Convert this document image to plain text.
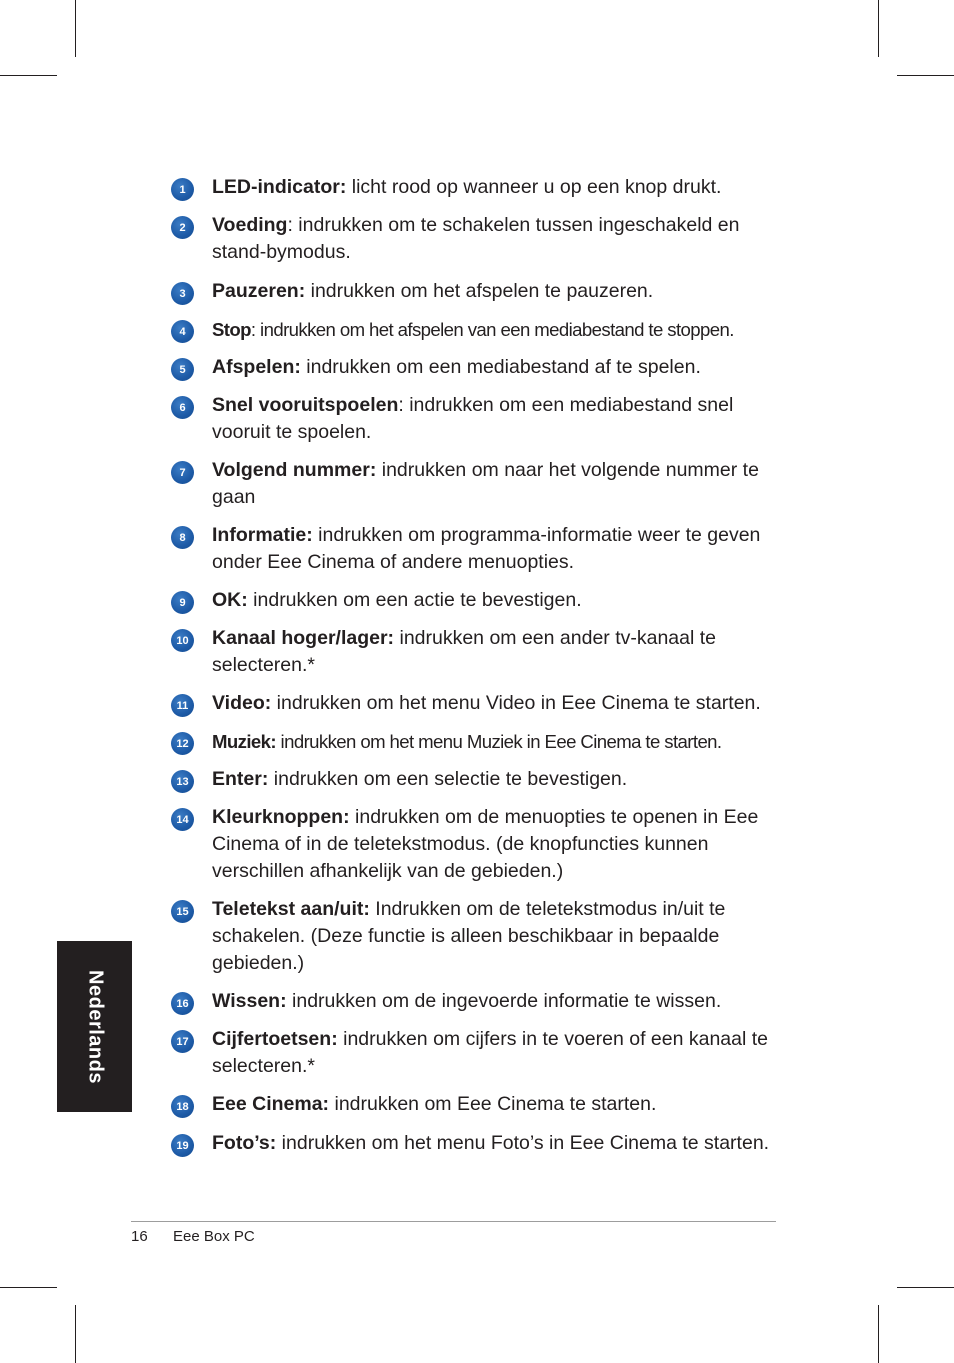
Nederlands
1	LED-indicator: licht rood op wanneer u op een knop drukt.
2	Voeding: indrukken om te schakelen tussen ingeschakeld en stand-bymodus.
3	Pauzeren: indrukken om het afspelen te pauzeren.
4	Stop: indrukken om het afspelen van een mediabestand te stoppen.
5	Afspelen: indrukken om een mediabestand af te spelen.
6	Snel vooruitspoelen: indrukken om een mediabestand snel vooruit te spoelen.
7	Volgend nummer: indrukken om naar het volgende nummer te gaan
8	Informatie: indrukken om programma-informatie weer te geven onder Eee Cinema of andere menuopties.
9	OK: indrukken om een actie te bevestigen.
10 Kanaal hoger/lager: indrukken om een ander tv-kanaal te selecteren.*
11 Video: indrukken om het menu Video in Eee Cinema te starten.
12 Muziek: indrukken om het menu Muziek in Eee Cinema te starten.
13 Enter: indrukken om een selectie te bevestigen.
14 Kleurknoppen: indrukken om de menuopties te openen in Eee Cinema of in de teletekstmodus. (de knopfuncties kunnen verschillen afhankelijk van de gebieden.)
15 Teletekst aan/uit: Indrukken om de teletekstmodus in/uit te schakelen. (Deze functie is alleen beschikbaar in bepaalde gebieden.)
16 Wissen: indrukken om de ingevoerde informatie te wissen.
17 Cijfertoetsen: indrukken om cijfers in te voeren of een kanaal te selecteren.*
18 Eee Cinema: indrukken om Eee Cinema te starten.
19 Foto’s: indrukken om het menu Foto’s in Eee Cinema te starten.
16 Eee Box PC
